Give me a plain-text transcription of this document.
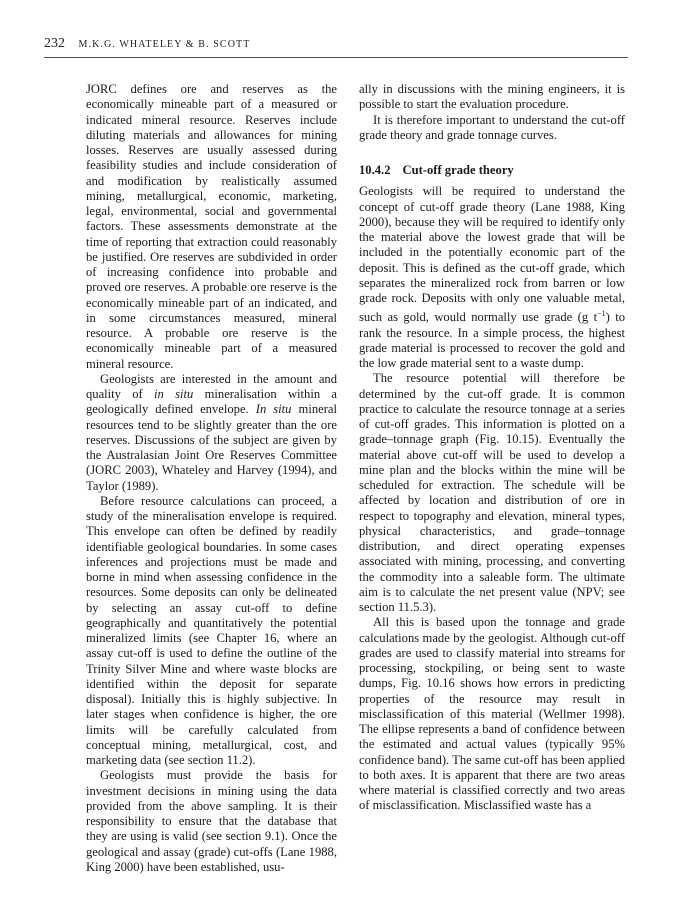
232 M.K.G. WHATELEY & B. SCOTT

JORC defines ore and reserves as the economically mineable part of a measured or indicated mineral resource. Reserves include diluting materials and allowances for mining losses. Reserves are usually assessed during feasibility studies and include consideration of and modification by realistically assumed mining, metallurgical, economic, marketing, legal, environmental, social and governmental factors. These assessments demonstrate at the time of reporting that extraction could reasonably be justified. Ore reserves are subdivided in order of increasing confidence into probable and proved ore reserves. A probable ore reserve is the economically mineable part of an indicated, and in some circumstances measured, mineral resource. A probable ore reserve is the economically mineable part of a measured mineral resource.

Geologists are interested in the amount and quality of in situ mineralisation within a geologically defined envelope. In situ mineral resources tend to be slightly greater than the ore reserves. Discussions of the subject are given by the Australasian Joint Ore Reserves Committee (JORC 2003), Whateley and Harvey (1994), and Taylor (1989).

Before resource calculations can proceed, a study of the mineralisation envelope is required. This envelope can often be defined by readily identifiable geological boundaries. In some cases inferences and projections must be made and borne in mind when assessing confidence in the resources. Some deposits can only be delineated by selecting an assay cut-off to define geographically and quantitatively the potential mineralized limits (see Chapter 16, where an assay cut-off is used to define the outline of the Trinity Silver Mine and where waste blocks are identified within the deposit for separate disposal). Initially this is highly subjective. In later stages when confidence is higher, the ore limits will be carefully calculated from conceptual mining, metallurgical, cost, and marketing data (see section 11.2).

Geologists must provide the basis for investment decisions in mining using the data provided from the above sampling. It is their responsibility to ensure that the database that they are using is valid (see section 9.1). Once the geological and assay (grade) cut-offs (Lane 1988, King 2000) have been established, usu-

ally in discussions with the mining engineers, it is possible to start the evaluation procedure.

It is therefore important to understand the cut-off grade theory and grade tonnage curves.

10.4.2 Cut-off grade theory

Geologists will be required to understand the concept of cut-off grade theory (Lane 1988, King 2000), because they will be required to identify only the material above the lowest grade that will be included in the potentially economic part of the deposit. This is defined as the cut-off grade, which separates the mineralized rock from barren or low grade rock. Deposits with only one valuable metal, such as gold, would normally use grade (g $t^{-1}$) to rank the resource. In a simple process, the highest grade material is processed to recover the gold and the low grade material sent to a waste dump.

The resource potential will therefore be determined by the cut-off grade. It is common practice to calculate the resource tonnage at a series of cut-off grades. This information is plotted on a grade–tonnage graph (Fig. 10.15). Eventually the material above cut-off will be used to develop a mine plan and the blocks within the mine will be scheduled for extraction. The schedule will be affected by location and distribution of ore in respect to topography and elevation, mineral types, physical characteristics, and grade–tonnage distribution, and direct operating expenses associated with mining, processing, and converting the commodity into a saleable form. The ultimate aim is to calculate the net present value (NPV; see section 11.5.3).

All this is based upon the tonnage and grade calculations made by the geologist. Although cut-off grades are used to classify material into streams for processing, stockpiling, or being sent to waste dumps, Fig. 10.16 shows how errors in predicting properties of the resource may result in misclassification of this material (Wellmer 1998). The ellipse represents a band of confidence between the estimated and actual values (typically 95% confidence band). The same cut-off has been applied to both axes. It is apparent that there are two areas where material is classified correctly and two areas of misclassification. Misclassified waste has a
